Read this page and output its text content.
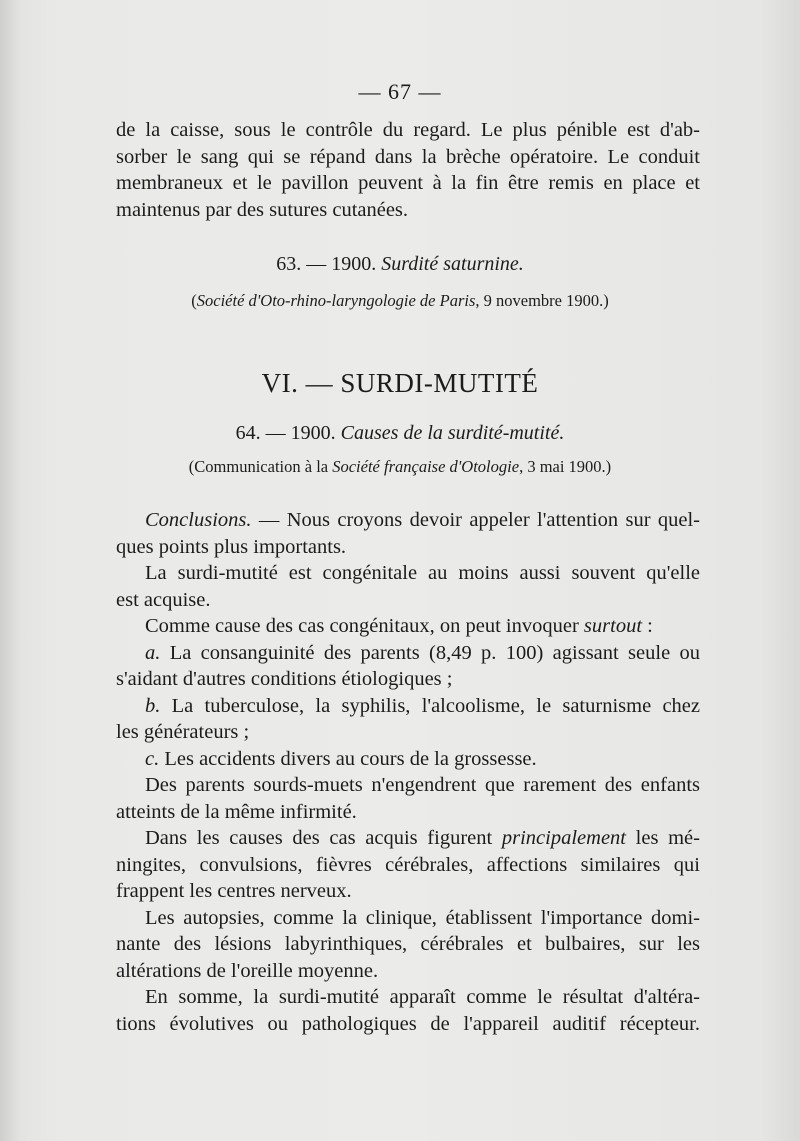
— 67 —
de la caisse, sous le contrôle du regard. Le plus pénible est d'ab-
sorber le sang qui se répand dans la brèche opératoire. Le conduit
membraneux et le pavillon peuvent à la fin être remis en place et
maintenus par des sutures cutanées.
63. — 1900. Surdité saturnine.
(Société d'Oto-rhino-laryngologie de Paris, 9 novembre 1900.)
VI. — SURDI-MUTITÉ
64. — 1900. Causes de la surdité-mutité.
(Communication à la Société française d'Otologie, 3 mai 1900.)
Conclusions. — Nous croyons devoir appeler l'attention sur quel-
ques points plus importants.
La surdi-mutité est congénitale au moins aussi souvent qu'elle
est acquise.
Comme cause des cas congénitaux, on peut invoquer surtout :
a. La consanguinité des parents (8,49 p. 100) agissant seule ou
s'aidant d'autres conditions étiologiques ;
b. La tuberculose, la syphilis, l'alcoolisme, le saturnisme chez
les générateurs ;
c. Les accidents divers au cours de la grossesse.
Des parents sourds-muets n'engendrent que rarement des enfants
atteints de la même infirmité.
Dans les causes des cas acquis figurent principalement les mé-
ningites, convulsions, fièvres cérébrales, affections similaires qui
frappent les centres nerveux.
Les autopsies, comme la clinique, établissent l'importance domi-
nante des lésions labyrinthiques, cérébrales et bulbaires, sur les
altérations de l'oreille moyenne.
En somme, la surdi-mutité apparaît comme le résultat d'altéra-
tions évolutives ou pathologiques de l'appareil auditif récepteur.
